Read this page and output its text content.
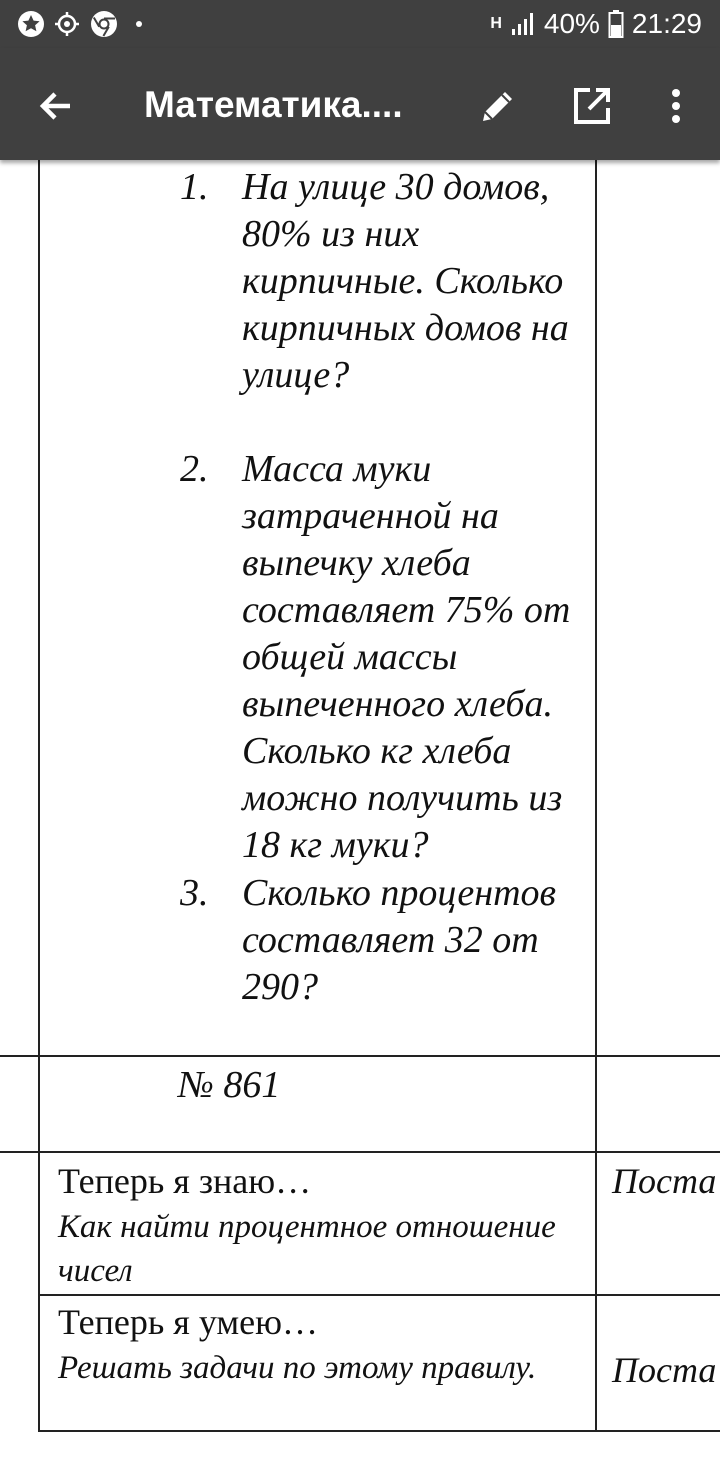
H 40% 21:29
Математика....
1. На улице 30 домов, 80% из них кирпичные. Сколько кирпичных домов на улице?
2. Масса муки затраченной на выпечку хлеба составляет 75% от общей массы выпеченного хлеба. Сколько кг хлеба можно получить из 18 кг муки?
3. Сколько процентов составляет 32 от 290?
№ 861
Теперь я знаю…
Как найти процентное отношение чисел
Поста
Теперь я умею…
Решать задачи по этому правилу.	Поста
